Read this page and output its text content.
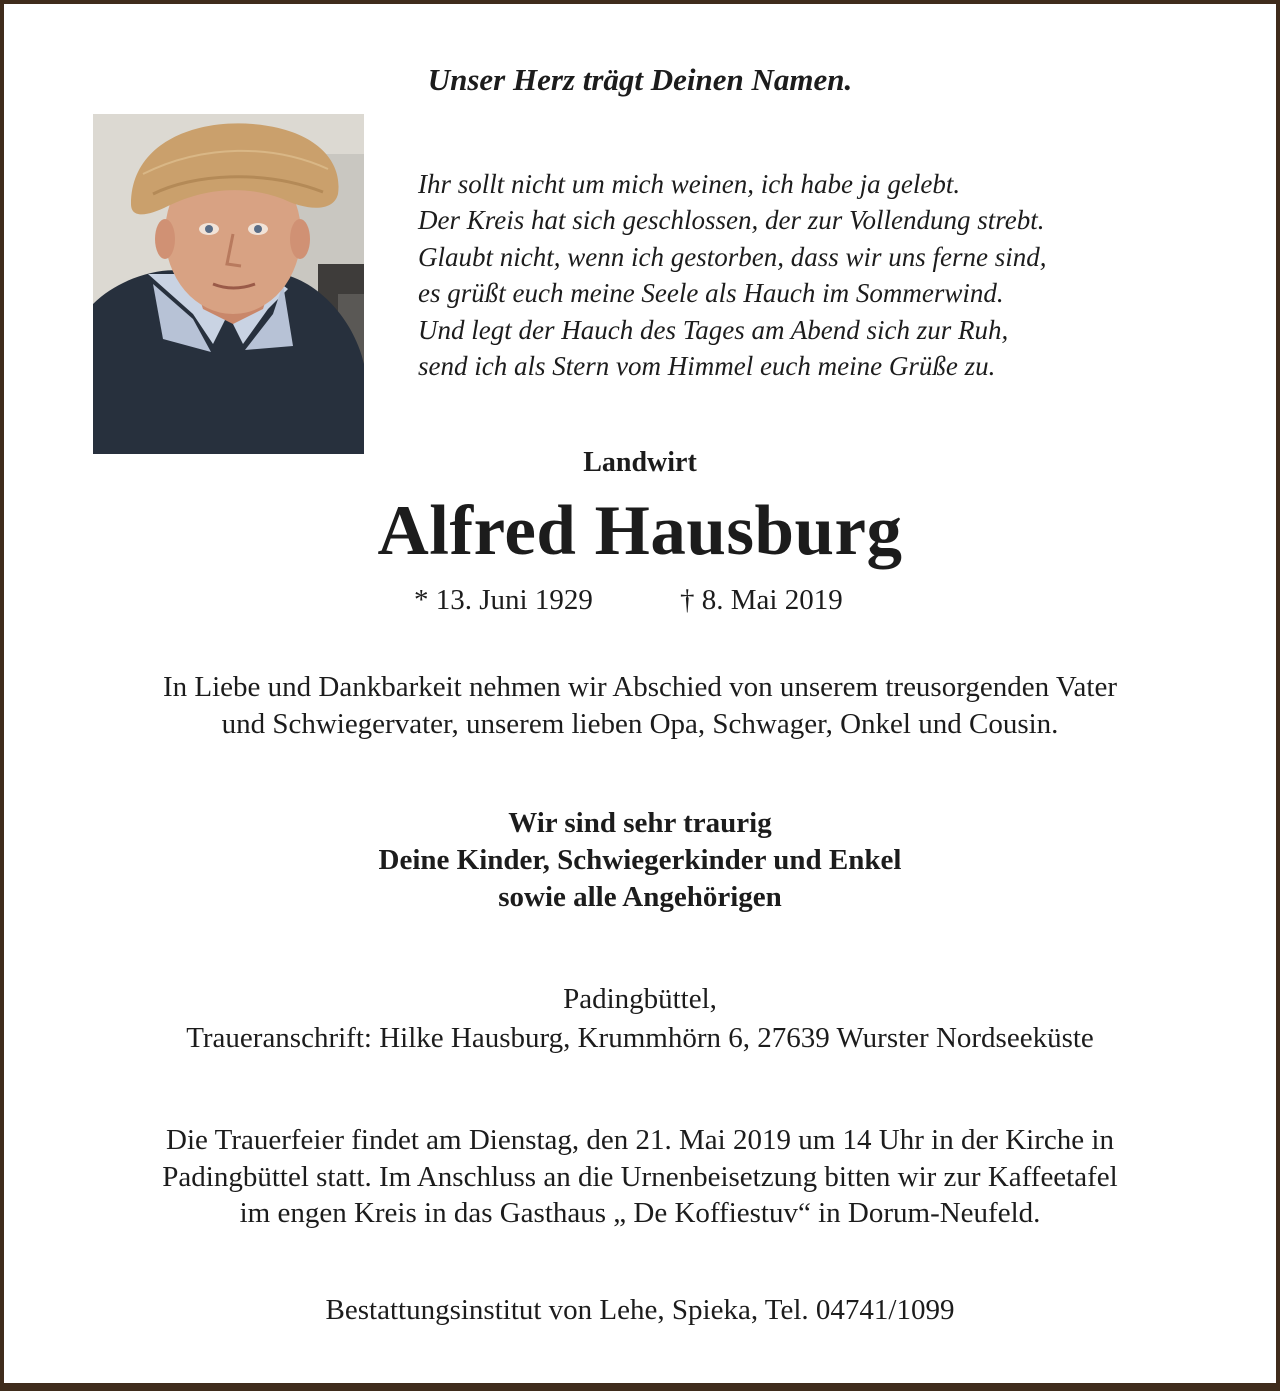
Unser Herz trägt Deinen Namen.
Ihr sollt nicht um mich weinen, ich habe ja gelebt.
Der Kreis hat sich geschlossen, der zur Vollendung strebt.
Glaubt nicht, wenn ich gestorben, dass wir uns ferne sind,
es grüßt euch meine Seele als Hauch im Sommerwind.
Und legt der Hauch des Tages am Abend sich zur Ruh,
send ich als Stern vom Himmel euch meine Grüße zu.
Landwirt
Alfred Hausburg
* 13. Juni 1929	† 8. Mai 2019
In Liebe und Dankbarkeit nehmen wir Abschied von unserem treusorgenden Vater
und Schwiegervater, unserem lieben Opa, Schwager, Onkel und Cousin.
Wir sind sehr traurig
Deine Kinder, Schwiegerkinder und Enkel
sowie alle Angehörigen
Padingbüttel,
Traueranschrift: Hilke Hausburg, Krummhörn 6, 27639 Wurster Nordseeküste
Die Trauerfeier findet am Dienstag, den 21. Mai 2019 um 14 Uhr in der Kirche in
Padingbüttel statt. Im Anschluss an die Urnenbeisetzung bitten wir zur Kaffeetafel
im engen Kreis in das Gasthaus „ De Koffiestuv“ in Dorum-Neufeld.
Bestattungsinstitut von Lehe, Spieka, Tel. 04741/1099
